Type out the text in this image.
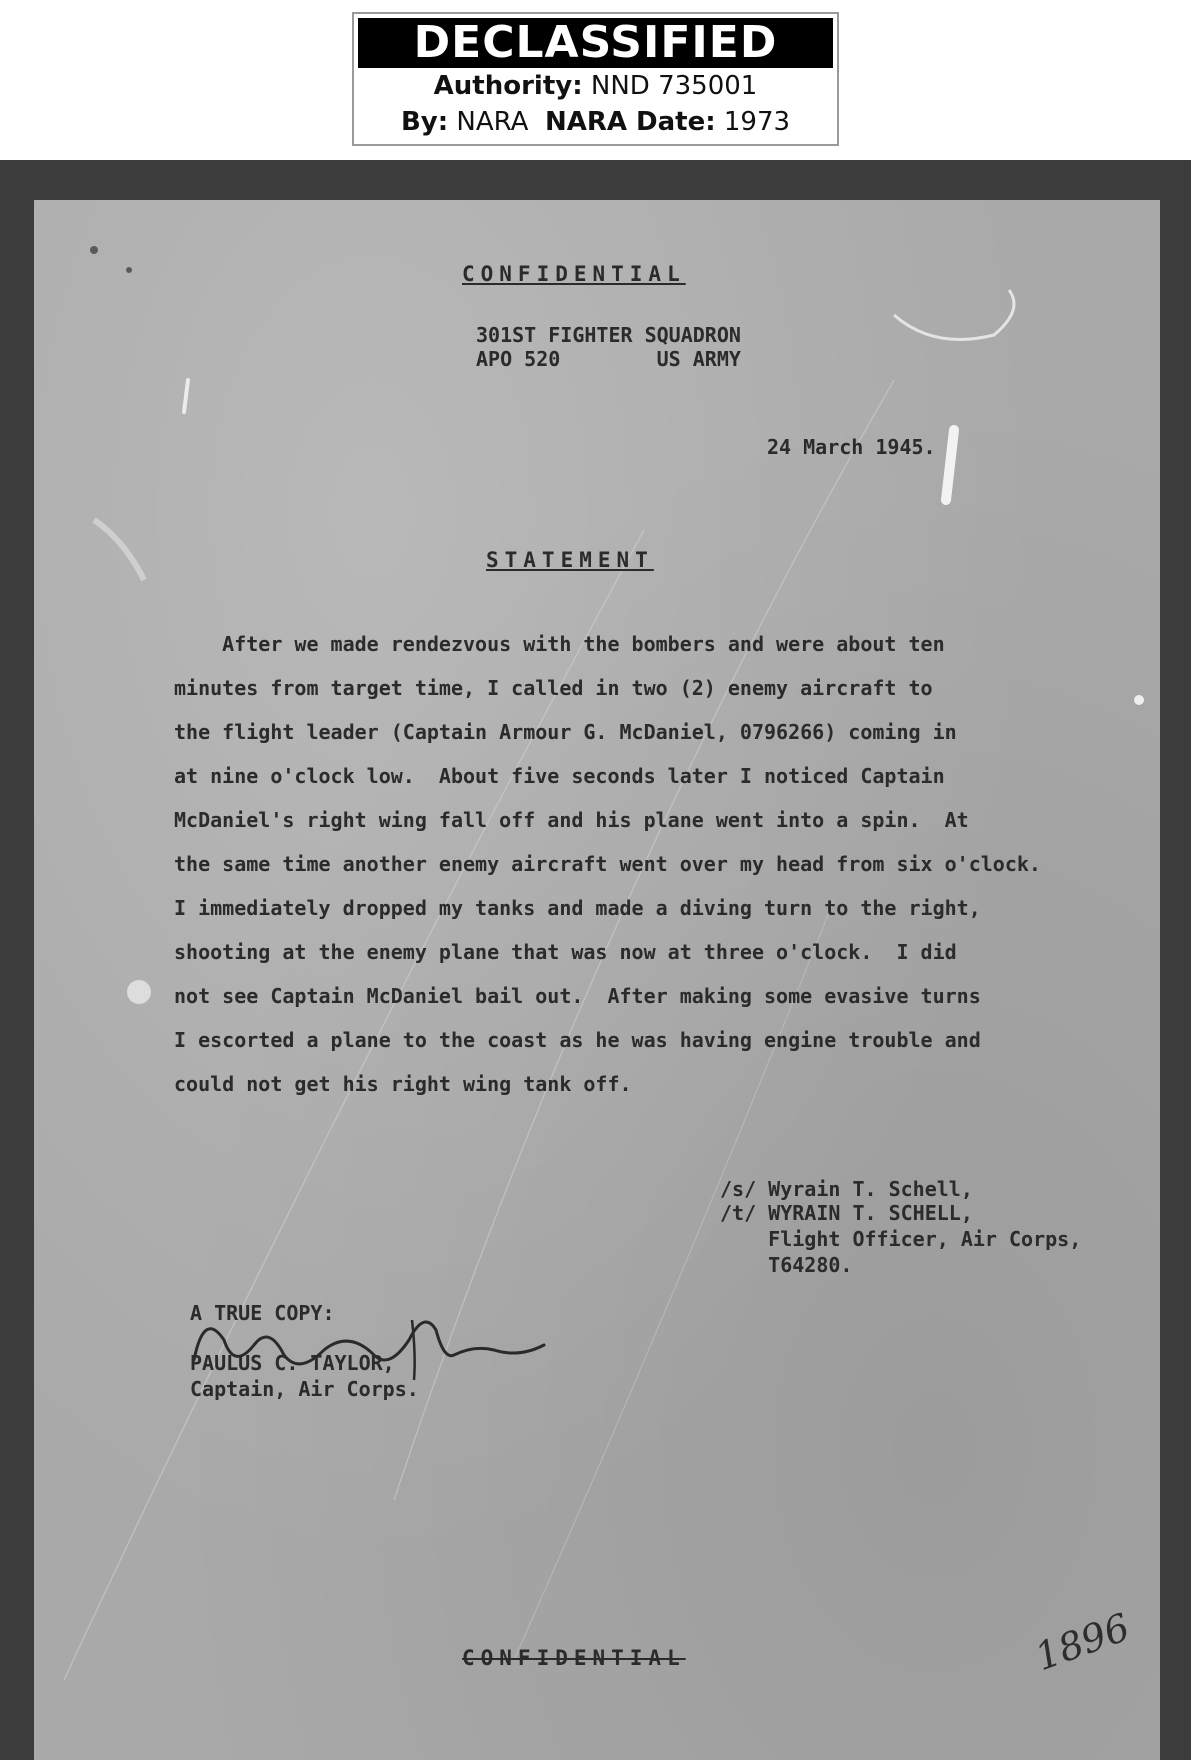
DECLASSIFIED
Authority: NND 735001
By: NARA NARA Date: 1973
CONFIDENTIAL
301ST FIGHTER SQUADRON
APO 520        US ARMY
24 March 1945.
STATEMENT
After we made rendezvous with the bombers and were about ten
minutes from target time, I called in two (2) enemy aircraft to
the flight leader (Captain Armour G. McDaniel, 0796266) coming in
at nine o'clock low.  About five seconds later I noticed Captain
McDaniel's right wing fall off and his plane went into a spin.  At
the same time another enemy aircraft went over my head from six o'clock.
I immediately dropped my tanks and made a diving turn to the right,
shooting at the enemy plane that was now at three o'clock.  I did
not see Captain McDaniel bail out.  After making some evasive turns
I escorted a plane to the coast as he was having engine trouble and
could not get his right wing tank off.
/s/ Wyrain T. Schell,
/t/ WYRAIN T. SCHELL,
Flight Officer, Air Corps,
T64280.
A TRUE COPY:
PAULUS C. TAYLOR,
Captain, Air Corps.
CONFIDENTIAL	1896
